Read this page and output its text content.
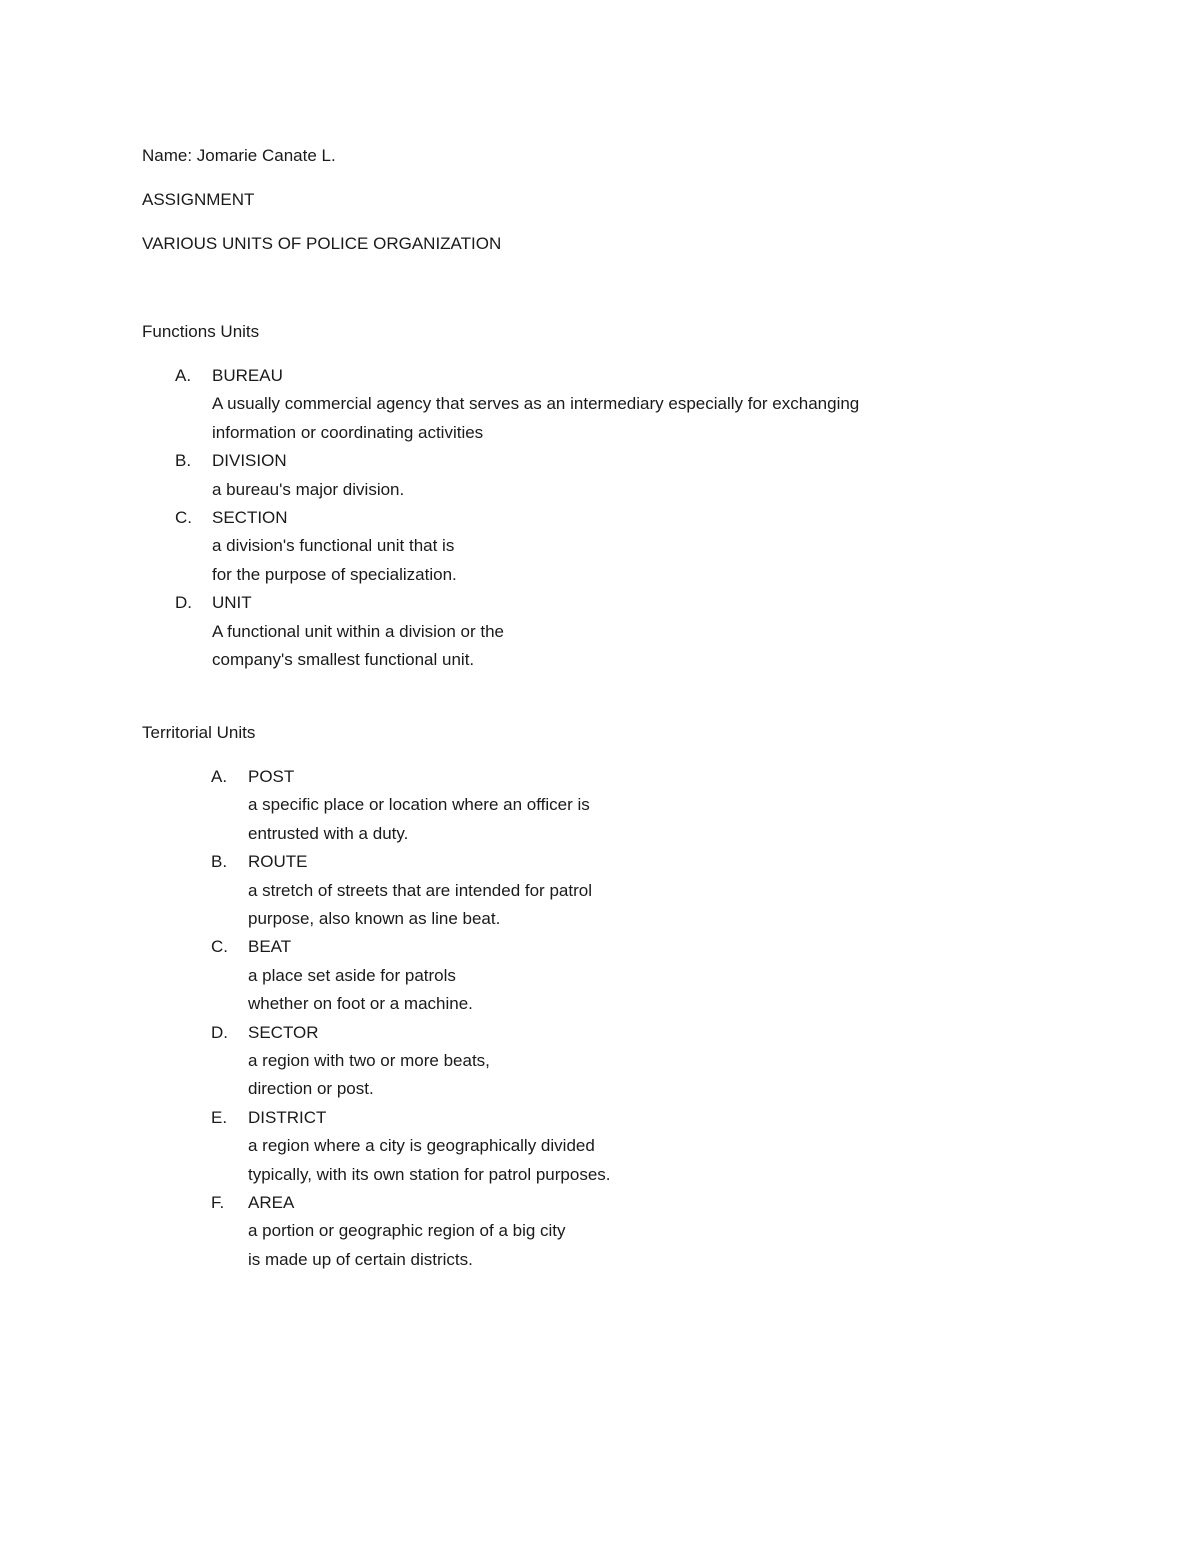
Name: Jomarie Canate L.
ASSIGNMENT
VARIOUS UNITS OF POLICE ORGANIZATION
Functions Units
A. BUREAU
A usually commercial agency that serves as an intermediary especially for exchanging
information or coordinating activities
B. DIVISION
a bureau's major division.
C. SECTION
a division's functional unit that is
for the purpose of specialization.
D. UNIT
A functional unit within a division or the
company's smallest functional unit.
Territorial Units
A. POST
a specific place or location where an officer is
entrusted with a duty.
B. ROUTE
a stretch of streets that are intended for patrol
purpose, also known as line beat.
C. BEAT
a place set aside for patrols
whether on foot or a machine.
D. SECTOR
a region with two or more beats,
direction or post.
E. DISTRICT
a region where a city is geographically divided
typically, with its own station for patrol purposes.
F. AREA
a portion or geographic region of a big city
is made up of certain districts.
